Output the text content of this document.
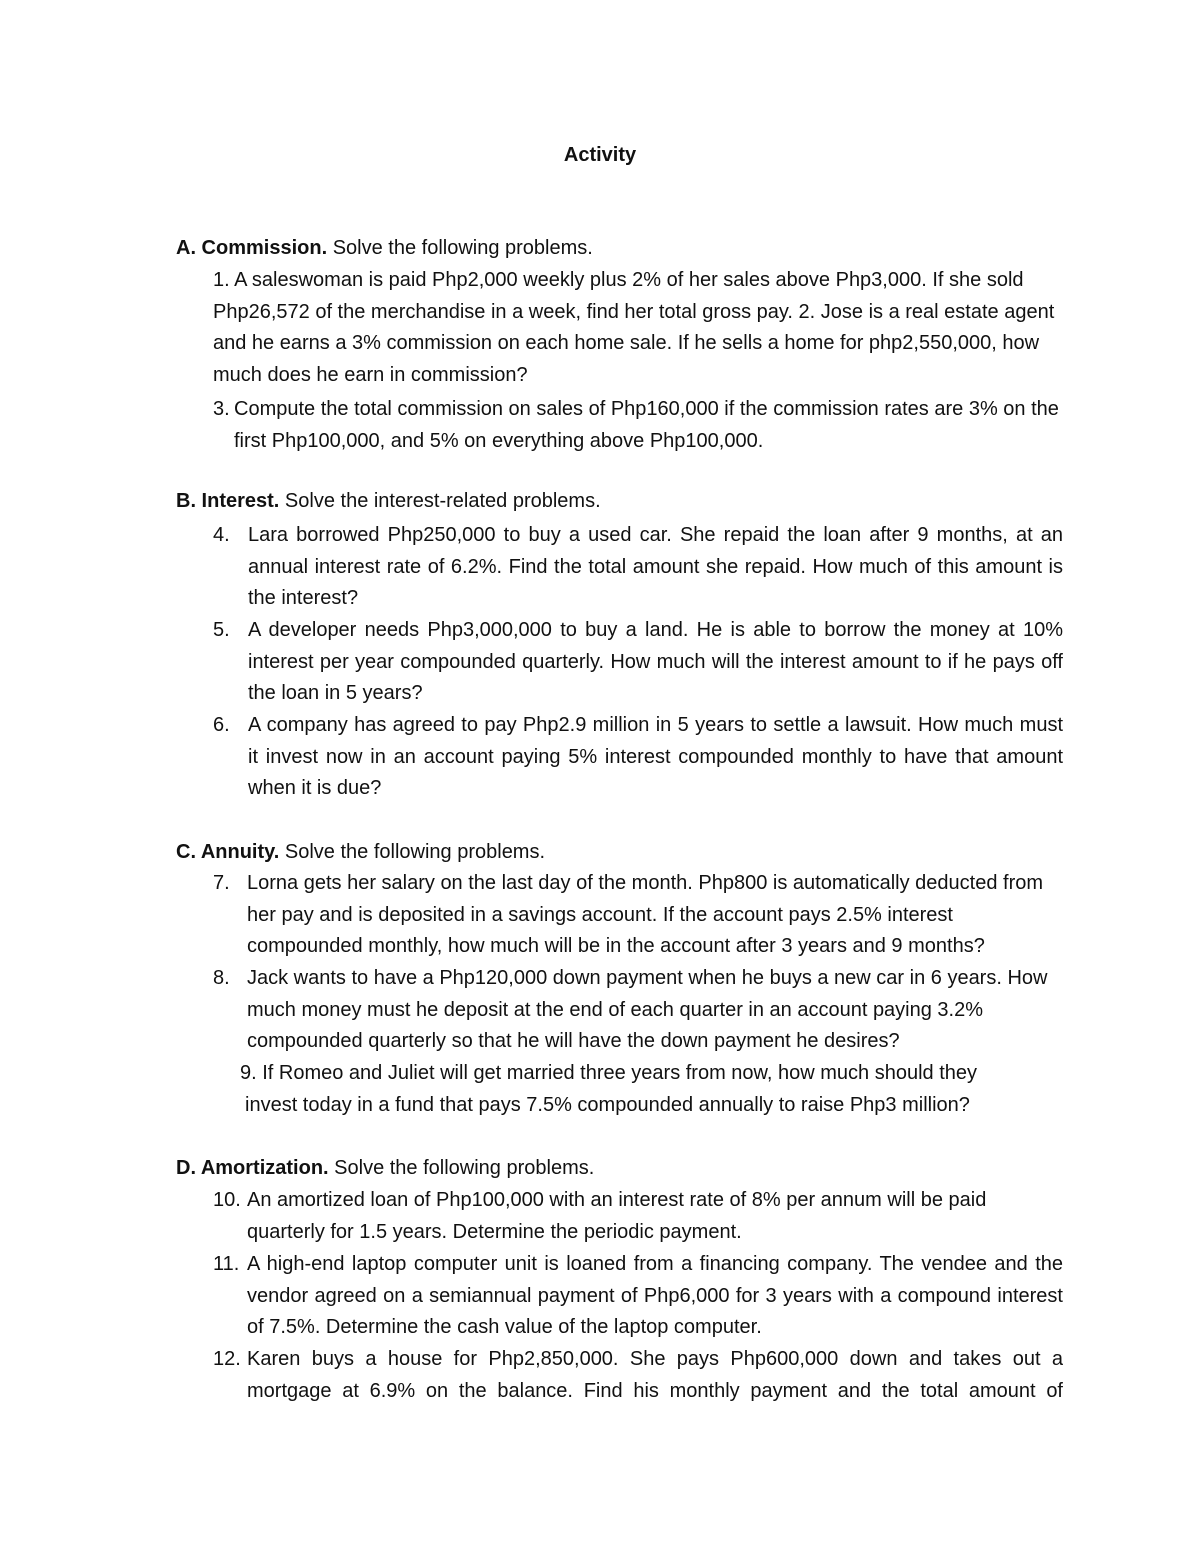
Activity
A. Commission. Solve the following problems.
1. A saleswoman is paid Php2,000 weekly plus 2% of her sales above Php3,000. If she sold Php26,572 of the merchandise in a week, find her total gross pay. 2. Jose is a real estate agent and he earns a 3% commission on each home sale. If he sells a home for php2,550,000, how much does he earn in commission?
3. Compute the total commission on sales of Php160,000 if the commission rates are 3% on the first Php100,000, and 5% on everything above Php100,000.
B. Interest. Solve the interest-related problems.
4. Lara borrowed Php250,000 to buy a used car. She repaid the loan after 9 months, at an annual interest rate of 6.2%. Find the total amount she repaid. How much of this amount is the interest?
5. A developer needs Php3,000,000 to buy a land. He is able to borrow the money at 10% interest per year compounded quarterly. How much will the interest amount to if he pays off the loan in 5 years?
6. A company has agreed to pay Php2.9 million in 5 years to settle a lawsuit. How much must it invest now in an account paying 5% interest compounded monthly to have that amount when it is due?
C. Annuity. Solve the following problems.
7. Lorna gets her salary on the last day of the month. Php800 is automatically deducted from her pay and is deposited in a savings account. If the account pays 2.5% interest compounded monthly, how much will be in the account after 3 years and 9 months?
8. Jack wants to have a Php120,000 down payment when he buys a new car in 6 years. How much money must he deposit at the end of each quarter in an account paying 3.2% compounded quarterly so that he will have the down payment he desires?
9. If Romeo and Juliet will get married three years from now, how much should they
invest today in a fund that pays 7.5% compounded annually to raise Php3 million?
D. Amortization. Solve the following problems.
10. An amortized loan of Php100,000 with an interest rate of 8% per annum will be paid quarterly for 1.5 years. Determine the periodic payment.
11. A high-end laptop computer unit is loaned from a financing company. The vendee and the vendor agreed on a semiannual payment of Php6,000 for 3 years with a compound interest of 7.5%. Determine the cash value of the laptop computer.
12. Karen buys a house for Php2,850,000. She pays Php600,000 down and takes out a mortgage at 6.9% on the balance. Find his monthly payment and the total amount of
